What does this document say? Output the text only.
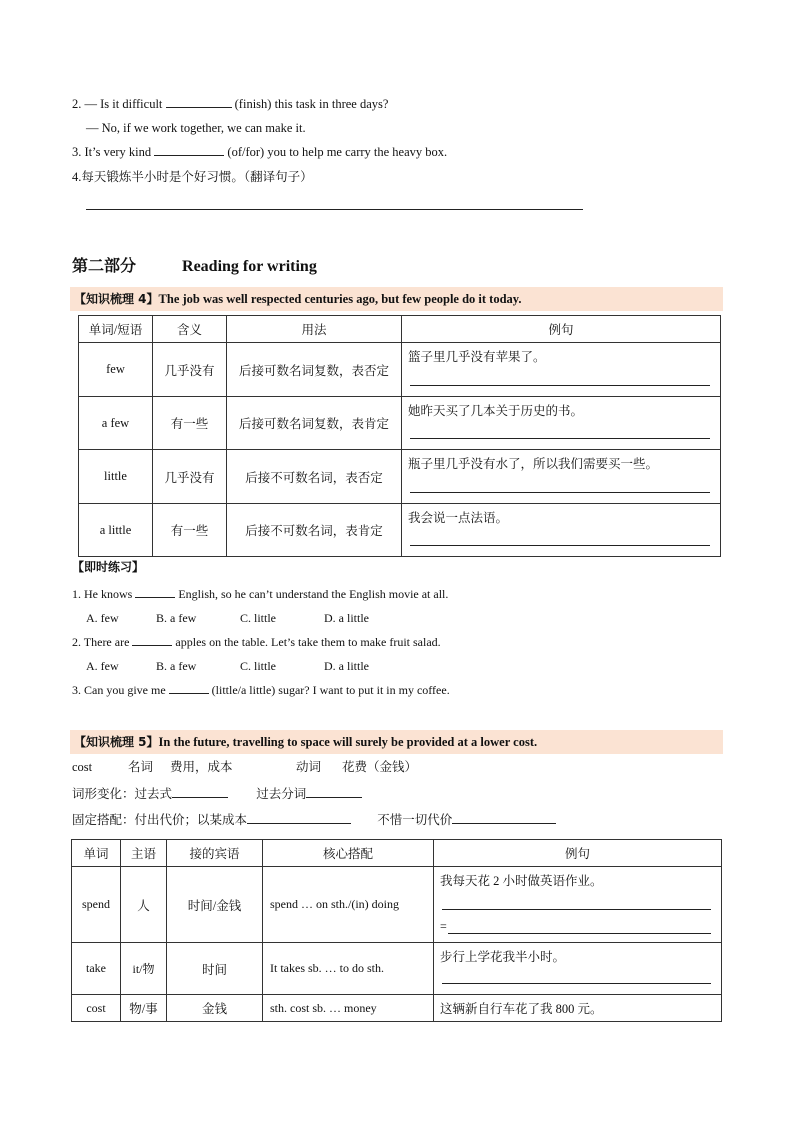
2. — Is it difficult	(finish) this task in three days?
— No, if we work together, we can make it.
3. It’s very kind	(of/for) you to help me carry the heavy box.
4.每天锻炼半小时是个好习惯。（翻译句子）
第二部分	Reading for writing
【知识梳理 4】The job was well respected centuries ago, but few people do it today.
单词/短语	含义	用法	例句
few	几乎没有	后接可数名词复数，表否定	篮子里几乎没有苹果了。

a few	有一些	后接可数名词复数，表肯定	她昨天买了几本关于历史的书。

little	几乎没有	后接不可数名词，表否定	瓶子里几乎没有水了，所以我们需要买一些。

a little	有一些	后接不可数名词，表肯定	我会说一点法语。
【即时练习】
1. He knows	English, so he can’t understand the English movie at all.
A. few	B. a few	C. little	D. a little
2. There are	apples on the table. Let’s take them to make fruit salad.
A. few	B. a few	C. little	D. a little
3. Can you give me	(little/a little) sugar? I want to put it in my coffee.
【知识梳理 5】In the future, travelling to space will surely be provided at a lower cost.
cost	名词 费用，成本	动词 花费（金钱）
词形变化：过去式	过去分词
固定搭配：付出代价；以某成本	不惜一切代价
单词	主语	接的宾语	核心搭配	例句
spend	人	时间/金钱	spend … on sth./(in) doing	我每天花 2 小时做英语作业。
=

take	it/物	时间	It takes sb. … to do sth.	步行上学花我半小时。

cost	物/事	金钱	sth. cost sb. … money	这辆新自行车花了我 800 元。
